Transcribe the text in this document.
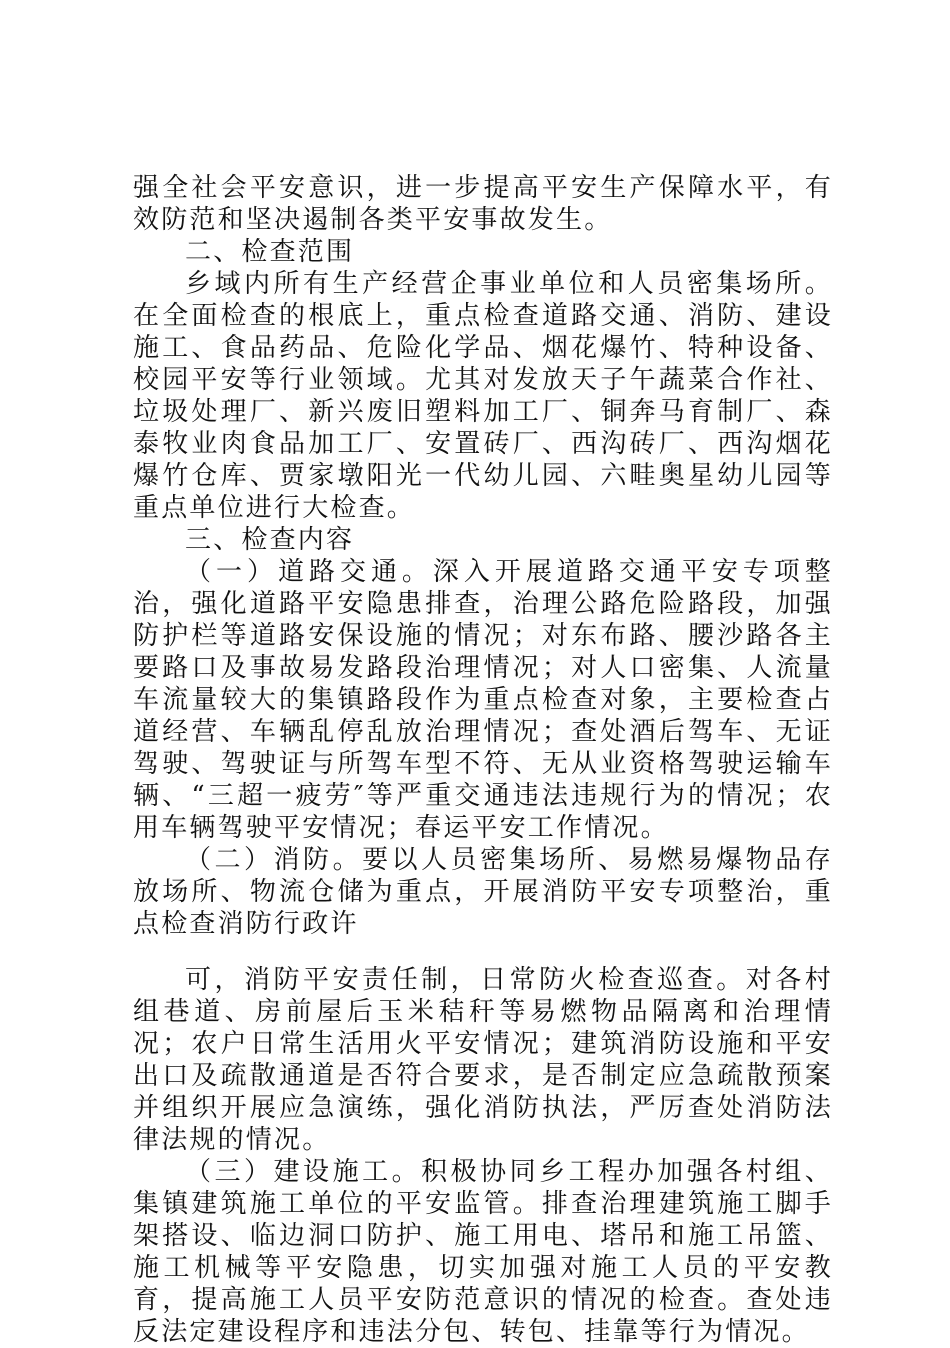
强全社会平安意识，进一步提高平安生产保障水平，有效防范和坚决遏制各类平安事故发生。

二、检查范围

乡域内所有生产经营企事业单位和人员密集场所。在全面检查的根底上，重点检查道路交通、消防、建设施工、食品药品、危险化学品、烟花爆竹、特种设备、校园平安等行业领域。尤其对发放天子午蔬菜合作社、垃圾处理厂、新兴废旧塑料加工厂、铜奔马育制厂、森泰牧业肉食品加工厂、安置砖厂、西沟砖厂、西沟烟花爆竹仓库、贾家墩阳光一代幼儿园、六畦奥星幼儿园等重点单位进行大检查。

三、检查内容

（一）道路交通。深入开展道路交通平安专项整治，强化道路平安隐患排查，治理公路危险路段，加强防护栏等道路安保设施的情况；对东布路、腰沙路各主要路口及事故易发路段治理情况；对人口密集、人流量车流量较大的集镇路段作为重点检查对象，主要检查占道经营、车辆乱停乱放治理情况；查处酒后驾车、无证驾驶、驾驶证与所驾车型不符、无从业资格驾驶运输车辆、“三超一疲劳″等严重交通违法违规行为的情况；农用车辆驾驶平安情况；春运平安工作情况。

（二）消防。要以人员密集场所、易燃易爆物品存放场所、物流仓储为重点，开展消防平安专项整治，重点检查消防行政许

可，消防平安责任制，日常防火检查巡查。对各村组巷道、房前屋后玉米秸秆等易燃物品隔离和治理情况；农户日常生活用火平安情况；建筑消防设施和平安出口及疏散通道是否符合要求，是否制定应急疏散预案并组织开展应急演练，强化消防执法，严厉查处消防法律法规的情况。

（三）建设施工。积极协同乡工程办加强各村组、集镇建筑施工单位的平安监管。排查治理建筑施工脚手架搭设、临边洞口防护、施工用电、塔吊和施工吊篮、施工机械等平安隐患，切实加强对施工人员的平安教育，提高施工人员平安防范意识的情况的检查。查处违反法定建设程序和违法分包、转包、挂靠等行为情况。
